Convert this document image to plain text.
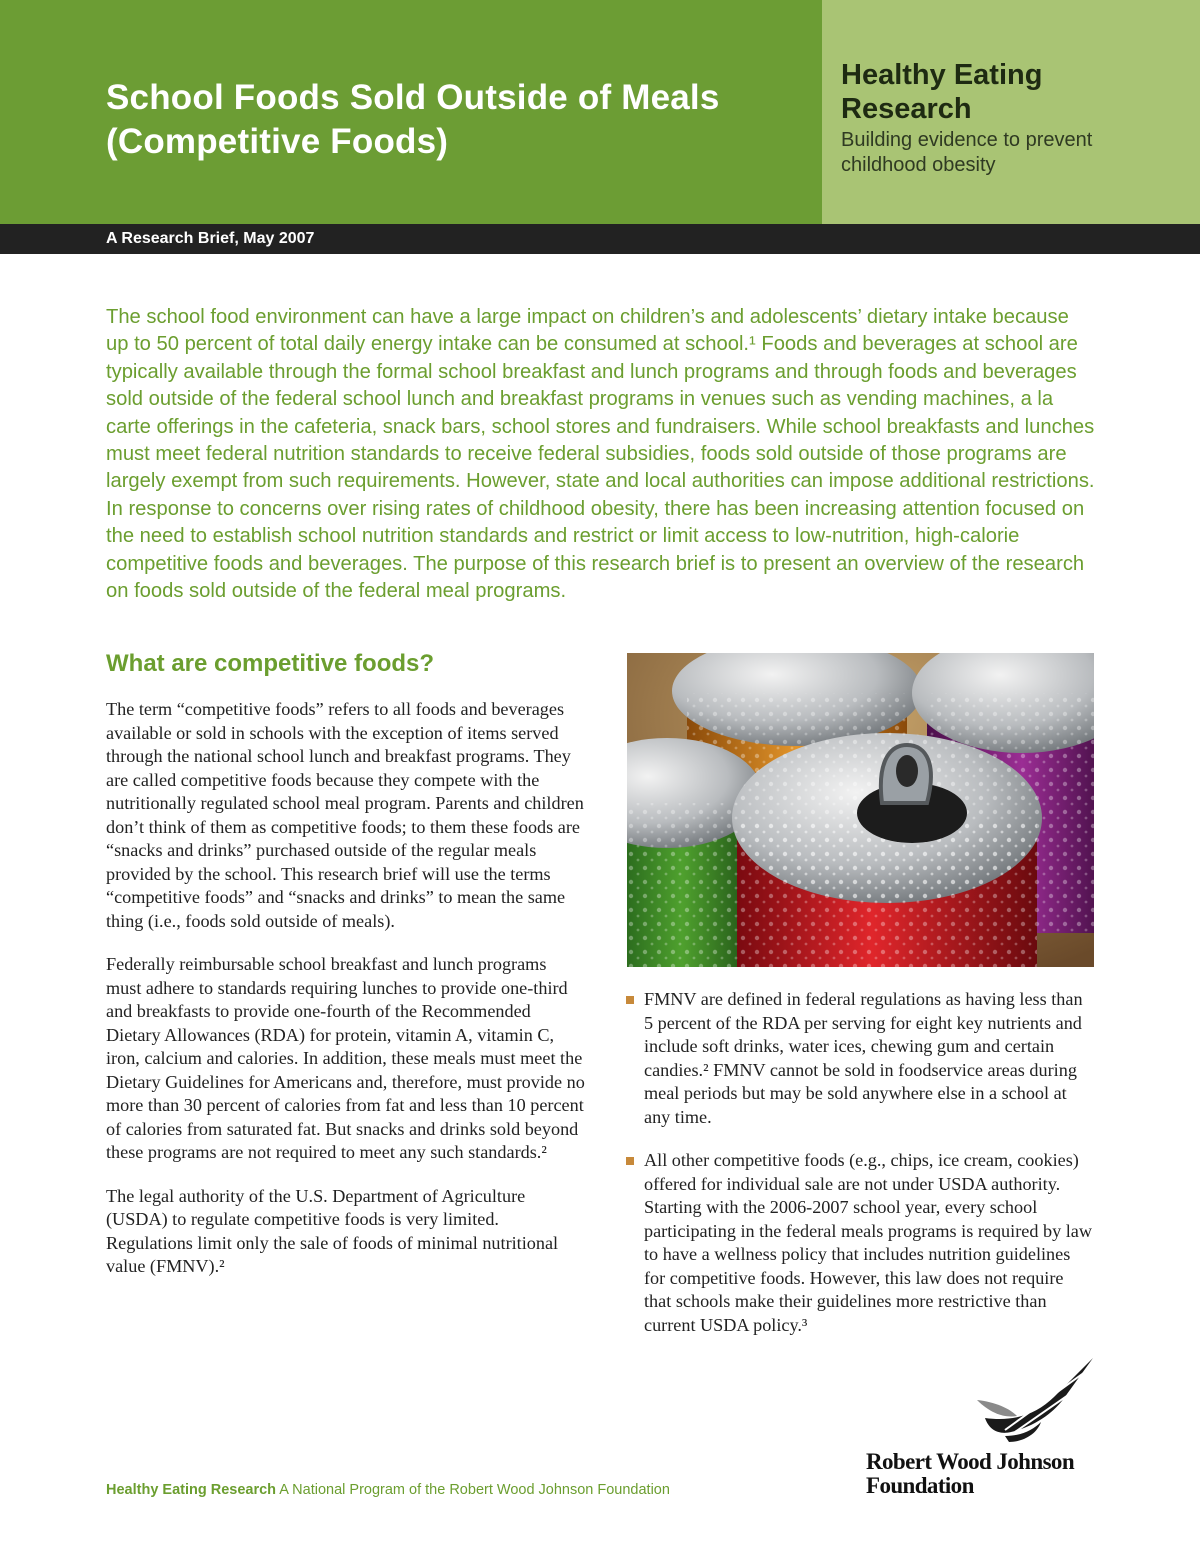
School Foods Sold Outside of Meals
(Competitive Foods)
Healthy Eating
Research
Building evidence to prevent
childhood obesity
A Research Brief, May 2007

The school food environment can have a large impact on children’s and adolescents’ dietary intake because up to 50 percent of total daily energy intake can be consumed at school.¹ Foods and beverages at school are typically available through the formal school breakfast and lunch programs and through foods and beverages sold outside of the federal school lunch and breakfast programs in venues such as vending machines, a la carte offerings in the cafeteria, snack bars, school stores and fundraisers. While school breakfasts and lunches must meet federal nutrition standards to receive federal subsidies, foods sold outside of those programs are largely exempt from such requirements. However, state and local authorities can impose additional restrictions. In response to concerns over rising rates of childhood obesity, there has been increasing attention focused on the need to establish school nutrition standards and restrict or limit access to low-nutrition, high-calorie competitive foods and beverages. The purpose of this research brief is to present an overview of the research on foods sold outside of the federal meal programs.

What are competitive foods?

The term “competitive foods” refers to all foods and beverages available or sold in schools with the exception of items served through the national school lunch and breakfast programs. They are called competitive foods because they compete with the nutritionally regulated school meal program. Parents and children don’t think of them as competitive foods; to them these foods are “snacks and drinks” purchased outside of the regular meals provided by the school. This research brief will use the terms “competitive foods” and “snacks and drinks” to mean the same thing (i.e., foods sold outside of meals).

Federally reimbursable school breakfast and lunch programs must adhere to standards requiring lunches to provide one-third and breakfasts to provide one-fourth of the Recommended Dietary Allowances (RDA) for protein, vitamin A, vitamin C, iron, calcium and calories. In addition, these meals must meet the Dietary Guidelines for Americans and, therefore, must provide no more than 30 percent of calories from fat and less than 10 percent of calories from saturated fat. But snacks and drinks sold beyond these programs are not required to meet any such standards.²

The legal authority of the U.S. Department of Agriculture (USDA) to regulate competitive foods is very limited. Regulations limit only the sale of foods of minimal nutritional value (FMNV).²

FMNV are defined in federal regulations as having less than 5 percent of the RDA per serving for eight key nutrients and include soft drinks, water ices, chewing gum and certain candies.² FMNV cannot be sold in foodservice areas during meal periods but may be sold anywhere else in a school at any time.
All other competitive foods (e.g., chips, ice cream, cookies) offered for individual sale are not under USDA authority. Starting with the 2006-2007 school year, every school participating in the federal meals programs is required by law to have a wellness policy that includes nutrition guidelines for competitive foods. However, this law does not require that schools make their guidelines more restrictive than current USDA policy.³
Robert Wood Johnson
Foundation
Healthy Eating Research A National Program of the Robert Wood Johnson Foundation
